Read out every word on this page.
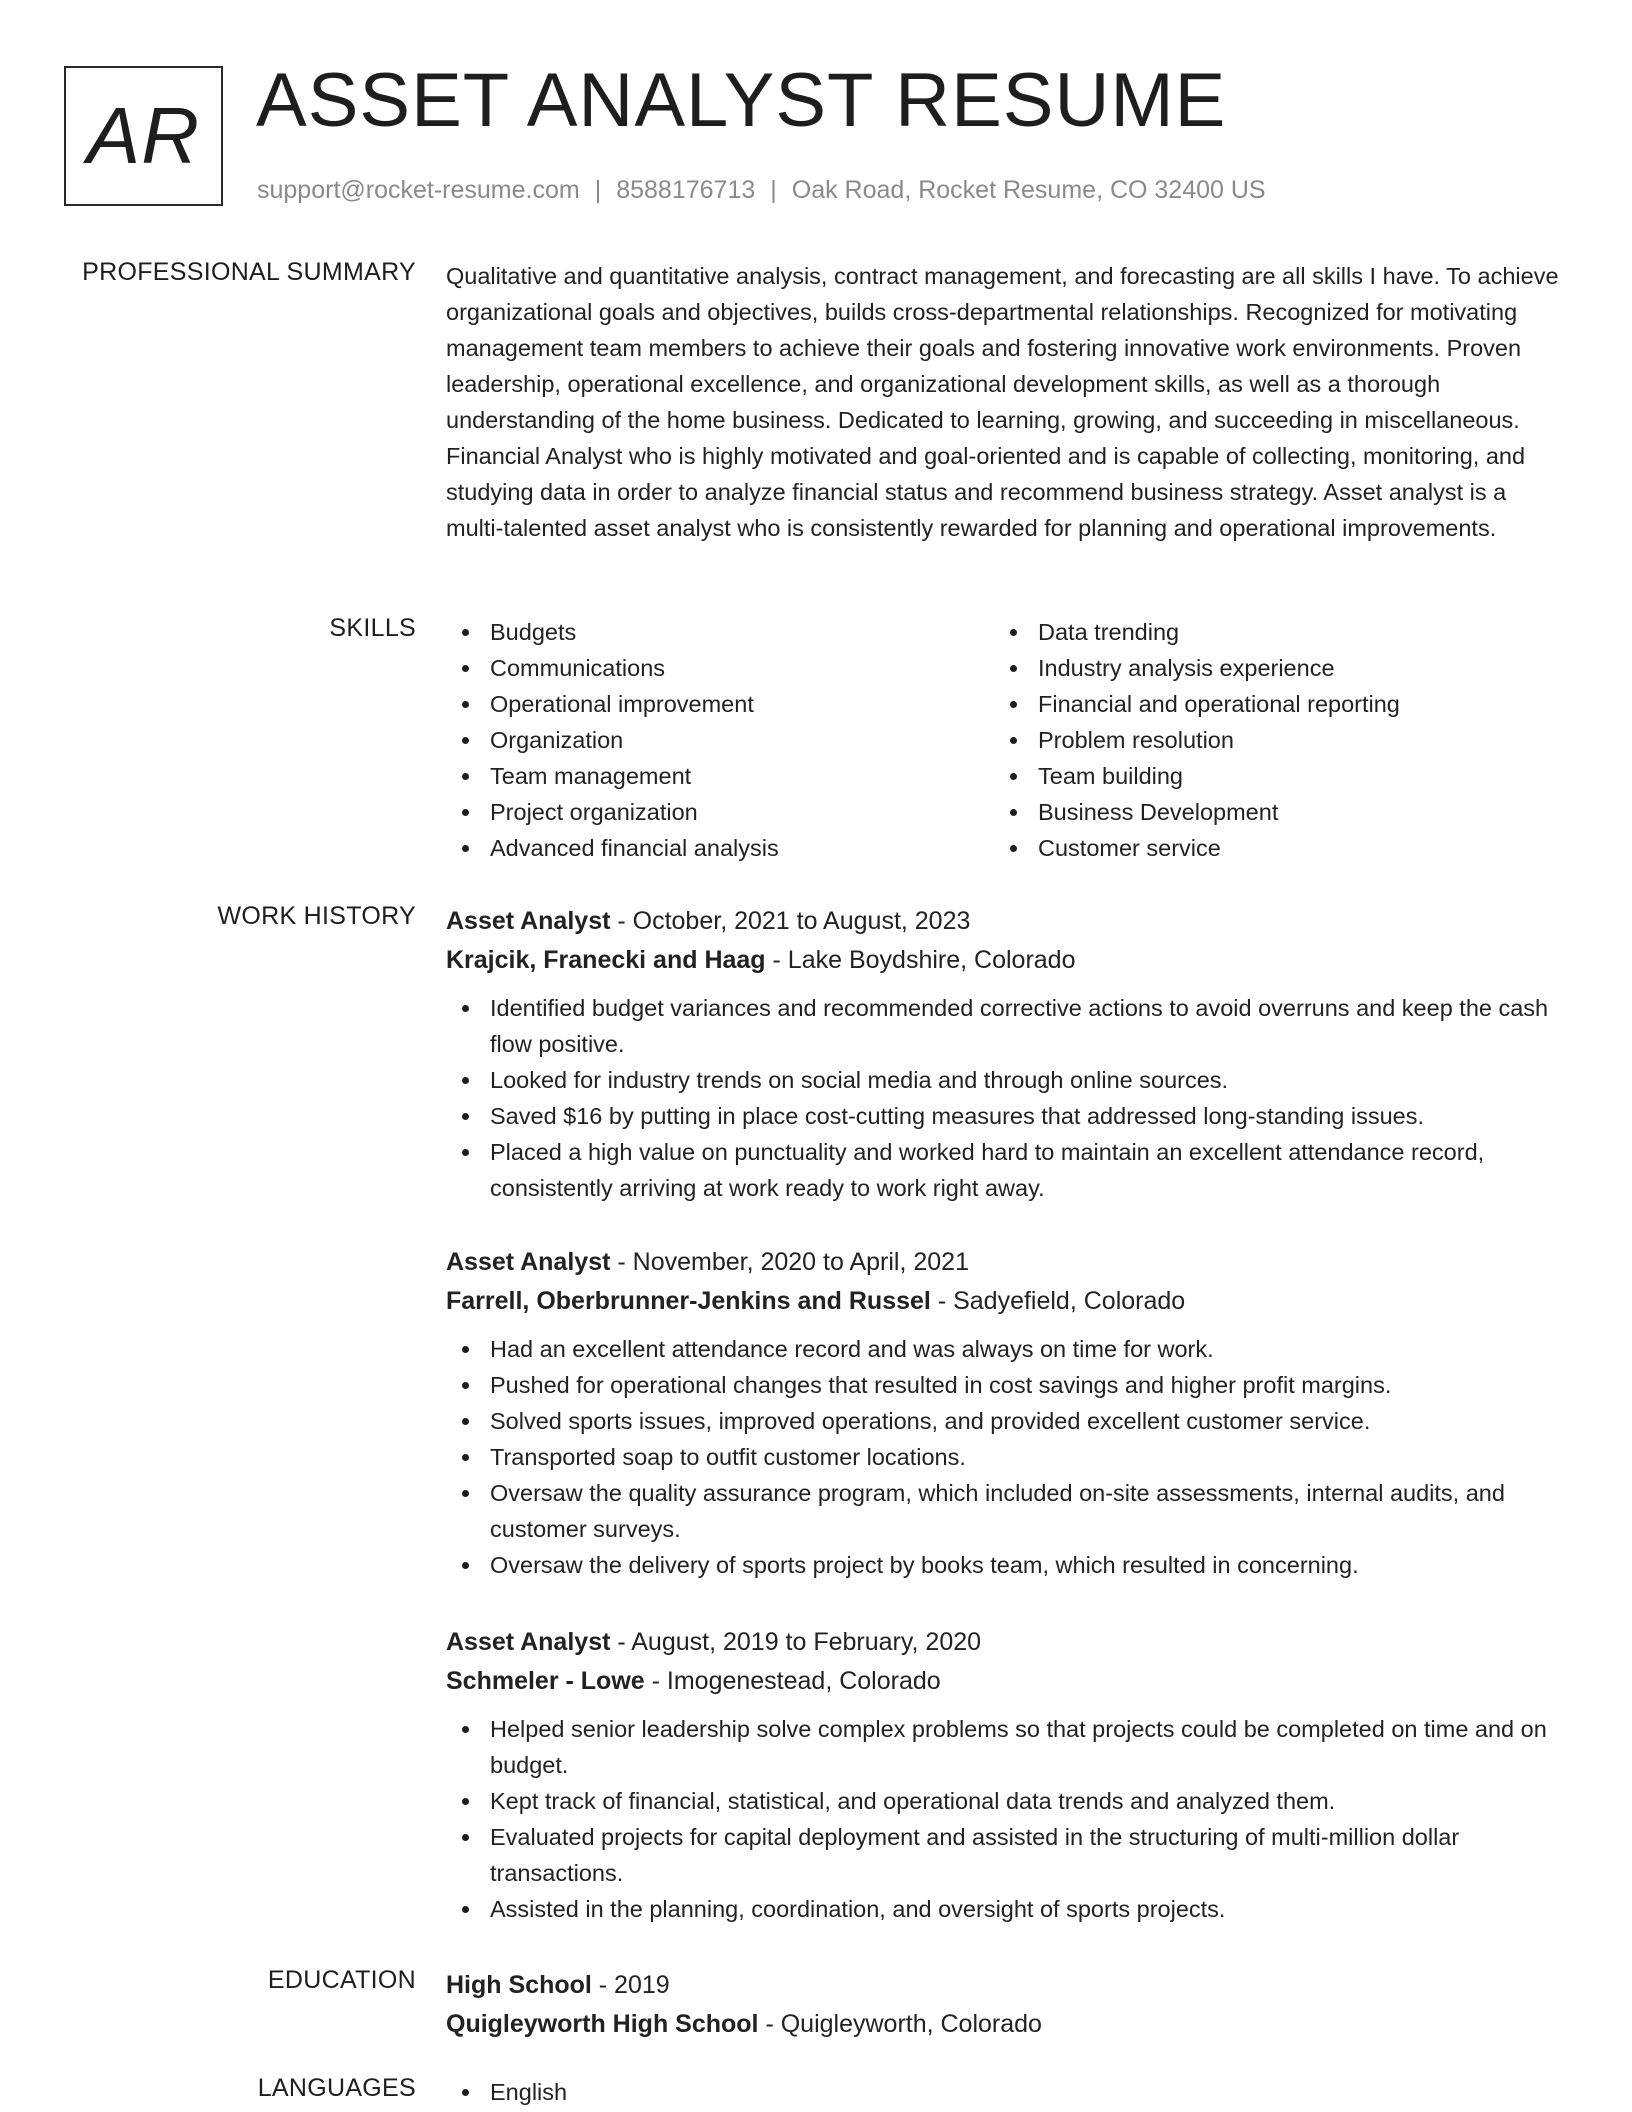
AR ASSET ANALYST RESUME
support@rocket-resume.com | 8588176713 | Oak Road, Rocket Resume, CO 32400 US
PROFESSIONAL SUMMARY Qualitative and quantitative analysis, contract management, and forecasting are all skills I have. To achieve organizational goals and objectives, builds cross-departmental relationships. Recognized for motivating management team members to achieve their goals and fostering innovative work environments. Proven leadership, operational excellence, and organizational development skills, as well as a thorough understanding of the home business. Dedicated to learning, growing, and succeeding in miscellaneous. Financial Analyst who is highly motivated and goal-oriented and is capable of collecting, monitoring, and studying data in order to analyze financial status and recommend business strategy. Asset analyst is a multi-talented asset analyst who is consistently rewarded for planning and operational improvements.

SKILLS	Budgets
Communications
Operational improvement
Organization
Team management
Project organization
Advanced financial analysis
Data trending
Industry analysis experience
Financial and operational reporting
Problem resolution
Team building
Business Development
Customer service
WORK HISTORY Asset Analyst - October, 2021 to August, 2023
Krajcik, Franecki and Haag - Lake Boydshire, Colorado
Identified budget variances and recommended corrective actions to avoid overruns and keep the cash flow positive.
Looked for industry trends on social media and through online sources.
Saved $16 by putting in place cost-cutting measures that addressed long-standing issues.
Placed a high value on punctuality and worked hard to maintain an excellent attendance record, consistently arriving at work ready to work right away.
Asset Analyst - November, 2020 to April, 2021
Farrell, Oberbrunner-Jenkins and Russel - Sadyefield, Colorado
Had an excellent attendance record and was always on time for work.
Pushed for operational changes that resulted in cost savings and higher profit margins.
Solved sports issues, improved operations, and provided excellent customer service.
Transported soap to outfit customer locations.
Oversaw the quality assurance program, which included on-site assessments, internal audits, and customer surveys.
Oversaw the delivery of sports project by books team, which resulted in concerning.
Asset Analyst - August, 2019 to February, 2020
Schmeler - Lowe - Imogenestead, Colorado
Helped senior leadership solve complex problems so that projects could be completed on time and on budget.
Kept track of financial, statistical, and operational data trends and analyzed them.
Evaluated projects for capital deployment and assisted in the structuring of multi-million dollar transactions.
Assisted in the planning, coordination, and oversight of sports projects.
EDUCATION High School - 2019
Quigleyworth High School - Quigleyworth, Colorado
LANGUAGES	English
